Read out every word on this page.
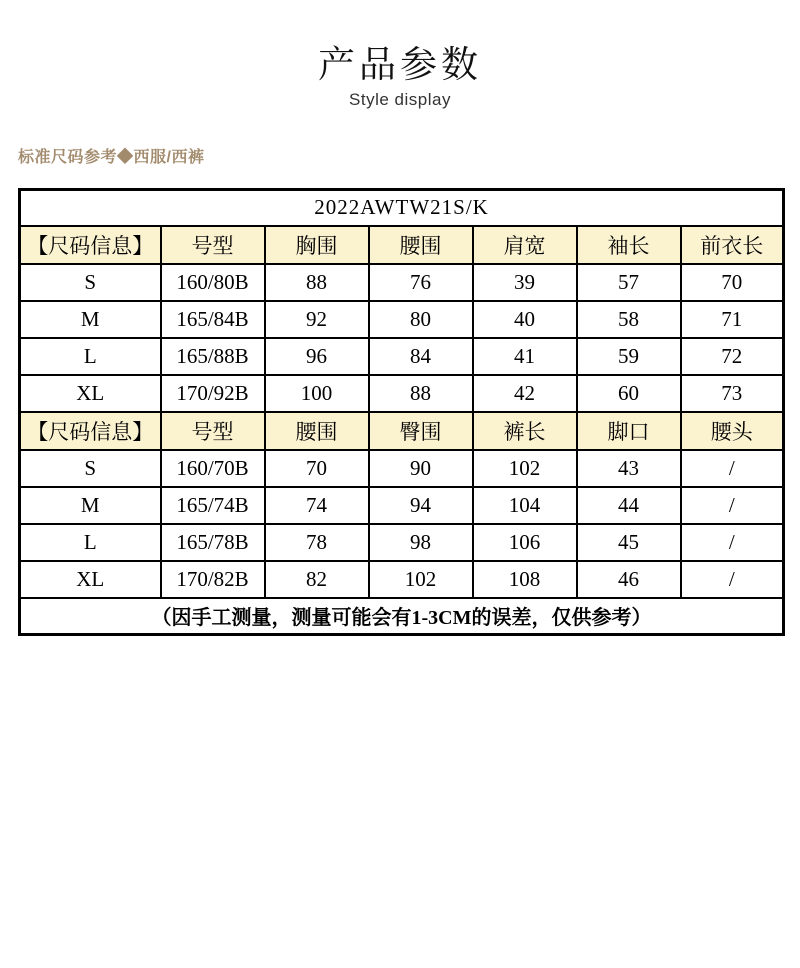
产品参数
Style display
标准尺码参考◆西服/西裤
2022AWTW21S/K						
【尺码信息】	号型	胸围	腰围	肩宽	袖长	前衣长
S	160/80B	88	76	39	57	70
M	165/84B	92	80	40	58	71
L	165/88B	96	84	41	59	72
XL	170/92B	100	88	42	60	73
【尺码信息】	号型	腰围	臀围	裤长	脚口	腰头
S	160/70B	70	90	102	43	/
M	165/74B	74	94	104	44	/
L	165/78B	78	98	106	45	/
XL	170/82B	82	102	108	46	/
（因手工测量，测量可能会有1-3CM的误差，仅供参考）						
